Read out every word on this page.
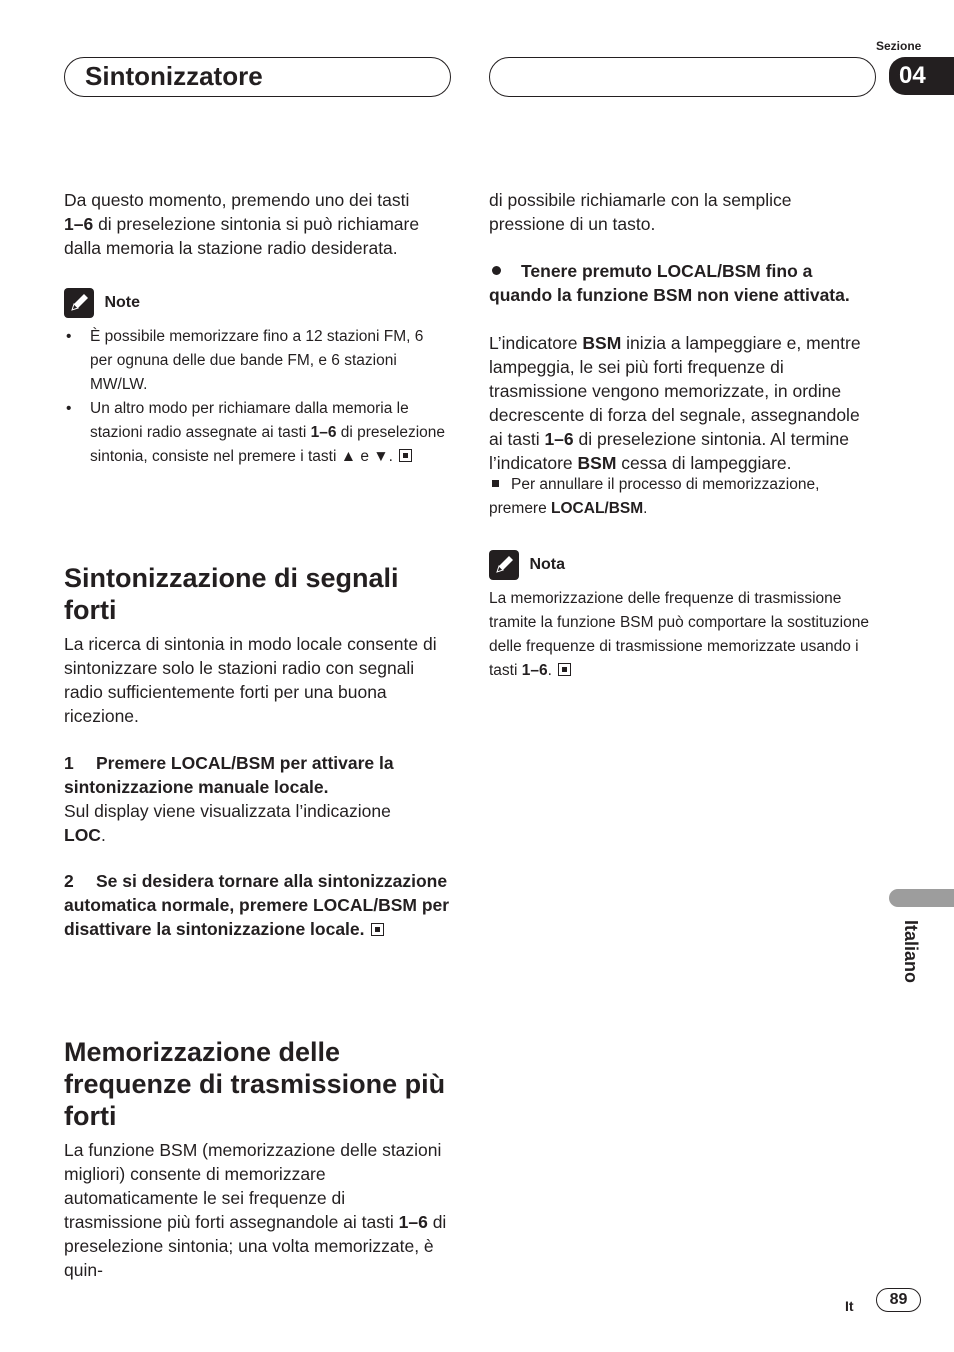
Sintonizzatore
Sezione
04
Da questo momento, premendo uno dei tasti
1–6 di preselezione sintonia si può richiamare dalla memoria la stazione radio desiderata.
Note
• È possibile memorizzare fino a 12 stazioni FM, 6 per ognuna delle due bande FM, e 6 stazioni MW/LW.
• Un altro modo per richiamare dalla memoria le stazioni radio assegnate ai tasti 1–6 di preselezione sintonia, consiste nel premere i tasti ▲ e ▼.
Sintonizzazione di segnali forti
La ricerca di sintonia in modo locale consente di sintonizzare solo le stazioni radio con segnali radio sufficientemente forti per una buona ricezione.
1 Premere LOCAL/BSM per attivare la sintonizzazione manuale locale.
Sul display viene visualizzata l’indicazione
LOC.
2 Se si desidera tornare alla sintonizzazione automatica normale, premere LOCAL/BSM per disattivare la sintonizzazione locale.
Memorizzazione delle frequenze di trasmissione più forti
La funzione BSM (memorizzazione delle stazioni migliori) consente di memorizzare automaticamente le sei frequenze di trasmissione più forti assegnandole ai tasti 1–6 di preselezione sintonia; una volta memorizzate, è quin-
di possibile richiamarle con la semplice pressione di un tasto.
Tenere premuto LOCAL/BSM fino a quando la funzione BSM non viene attivata.
L’indicatore BSM inizia a lampeggiare e, mentre lampeggia, le sei più forti frequenze di trasmissione vengono memorizzate, in ordine decrescente di forza del segnale, assegnandole ai tasti 1–6 di preselezione sintonia. Al termine l’indicatore BSM cessa di lampeggiare.
Per annullare il processo di memorizzazione, premere LOCAL/BSM.
Nota
La memorizzazione delle frequenze di trasmissione tramite la funzione BSM può comportare la sostituzione delle frequenze di trasmissione memorizzate usando i tasti 1–6.
Italiano
It	89
